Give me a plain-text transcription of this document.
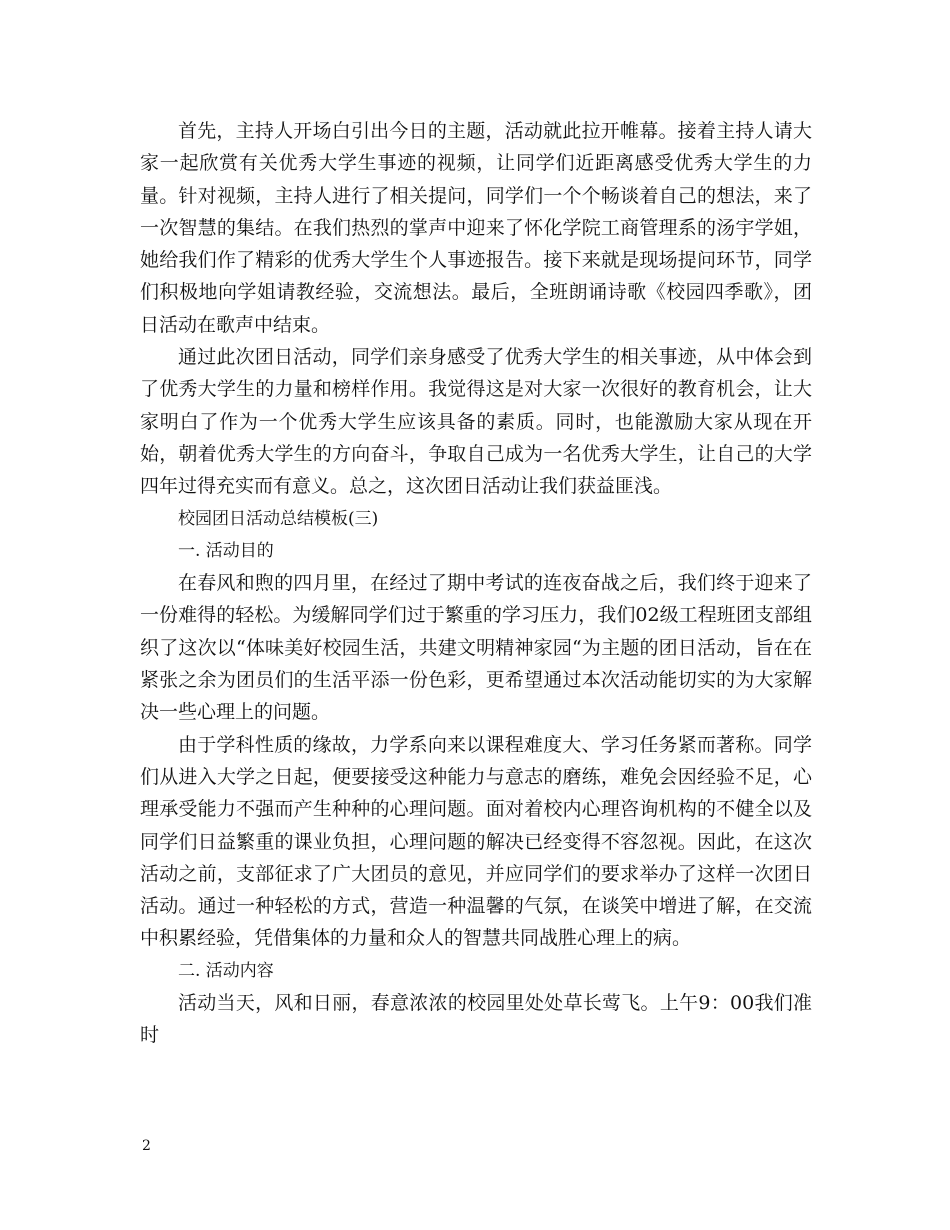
首先，主持人开场白引出今日的主题，活动就此拉开帷幕。接着主持人请大家一起欣赏有关优秀大学生事迹的视频，让同学们近距离感受优秀大学生的力量。针对视频，主持人进行了相关提问，同学们一个个畅谈着自己的想法，来了一次智慧的集结。在我们热烈的掌声中迎来了怀化学院工商管理系的汤宇学姐，她给我们作了精彩的优秀大学生个人事迹报告。接下来就是现场提问环节，同学们积极地向学姐请教经验，交流想法。最后，全班朗诵诗歌《校园四季歌》，团日活动在歌声中结束。

通过此次团日活动，同学们亲身感受了优秀大学生的相关事迹，从中体会到了优秀大学生的力量和榜样作用。我觉得这是对大家一次很好的教育机会，让大家明白了作为一个优秀大学生应该具备的素质。同时，也能激励大家从现在开始，朝着优秀大学生的方向奋斗，争取自己成为一名优秀大学生，让自己的大学四年过得充实而有意义。总之，这次团日活动让我们获益匪浅。

校园团日活动总结模板(三)

一. 活动目的

在春风和煦的四月里，在经过了期中考试的连夜奋战之后，我们终于迎来了一份难得的轻松。为缓解同学们过于繁重的学习压力，我们02级工程班团支部组织了这次以“体味美好校园生活，共建文明精神家园“为主题的团日活动，旨在在紧张之余为团员们的生活平添一份色彩，更希望通过本次活动能切实的为大家解决一些心理上的问题。

由于学科性质的缘故，力学系向来以课程难度大、学习任务紧而著称。同学们从进入大学之日起，便要接受这种能力与意志的磨练，难免会因经验不足，心理承受能力不强而产生种种的心理问题。面对着校内心理咨询机构的不健全以及同学们日益繁重的课业负担，心理问题的解决已经变得不容忽视。因此，在这次活动之前，支部征求了广大团员的意见，并应同学们的要求举办了这样一次团日活动。通过一种轻松的方式，营造一种温馨的气氛，在谈笑中增进了解，在交流中积累经验，凭借集体的力量和众人的智慧共同战胜心理上的病。

二. 活动内容

活动当天，风和日丽，春意浓浓的校园里处处草长莺飞。上午9：00我们准时

2
